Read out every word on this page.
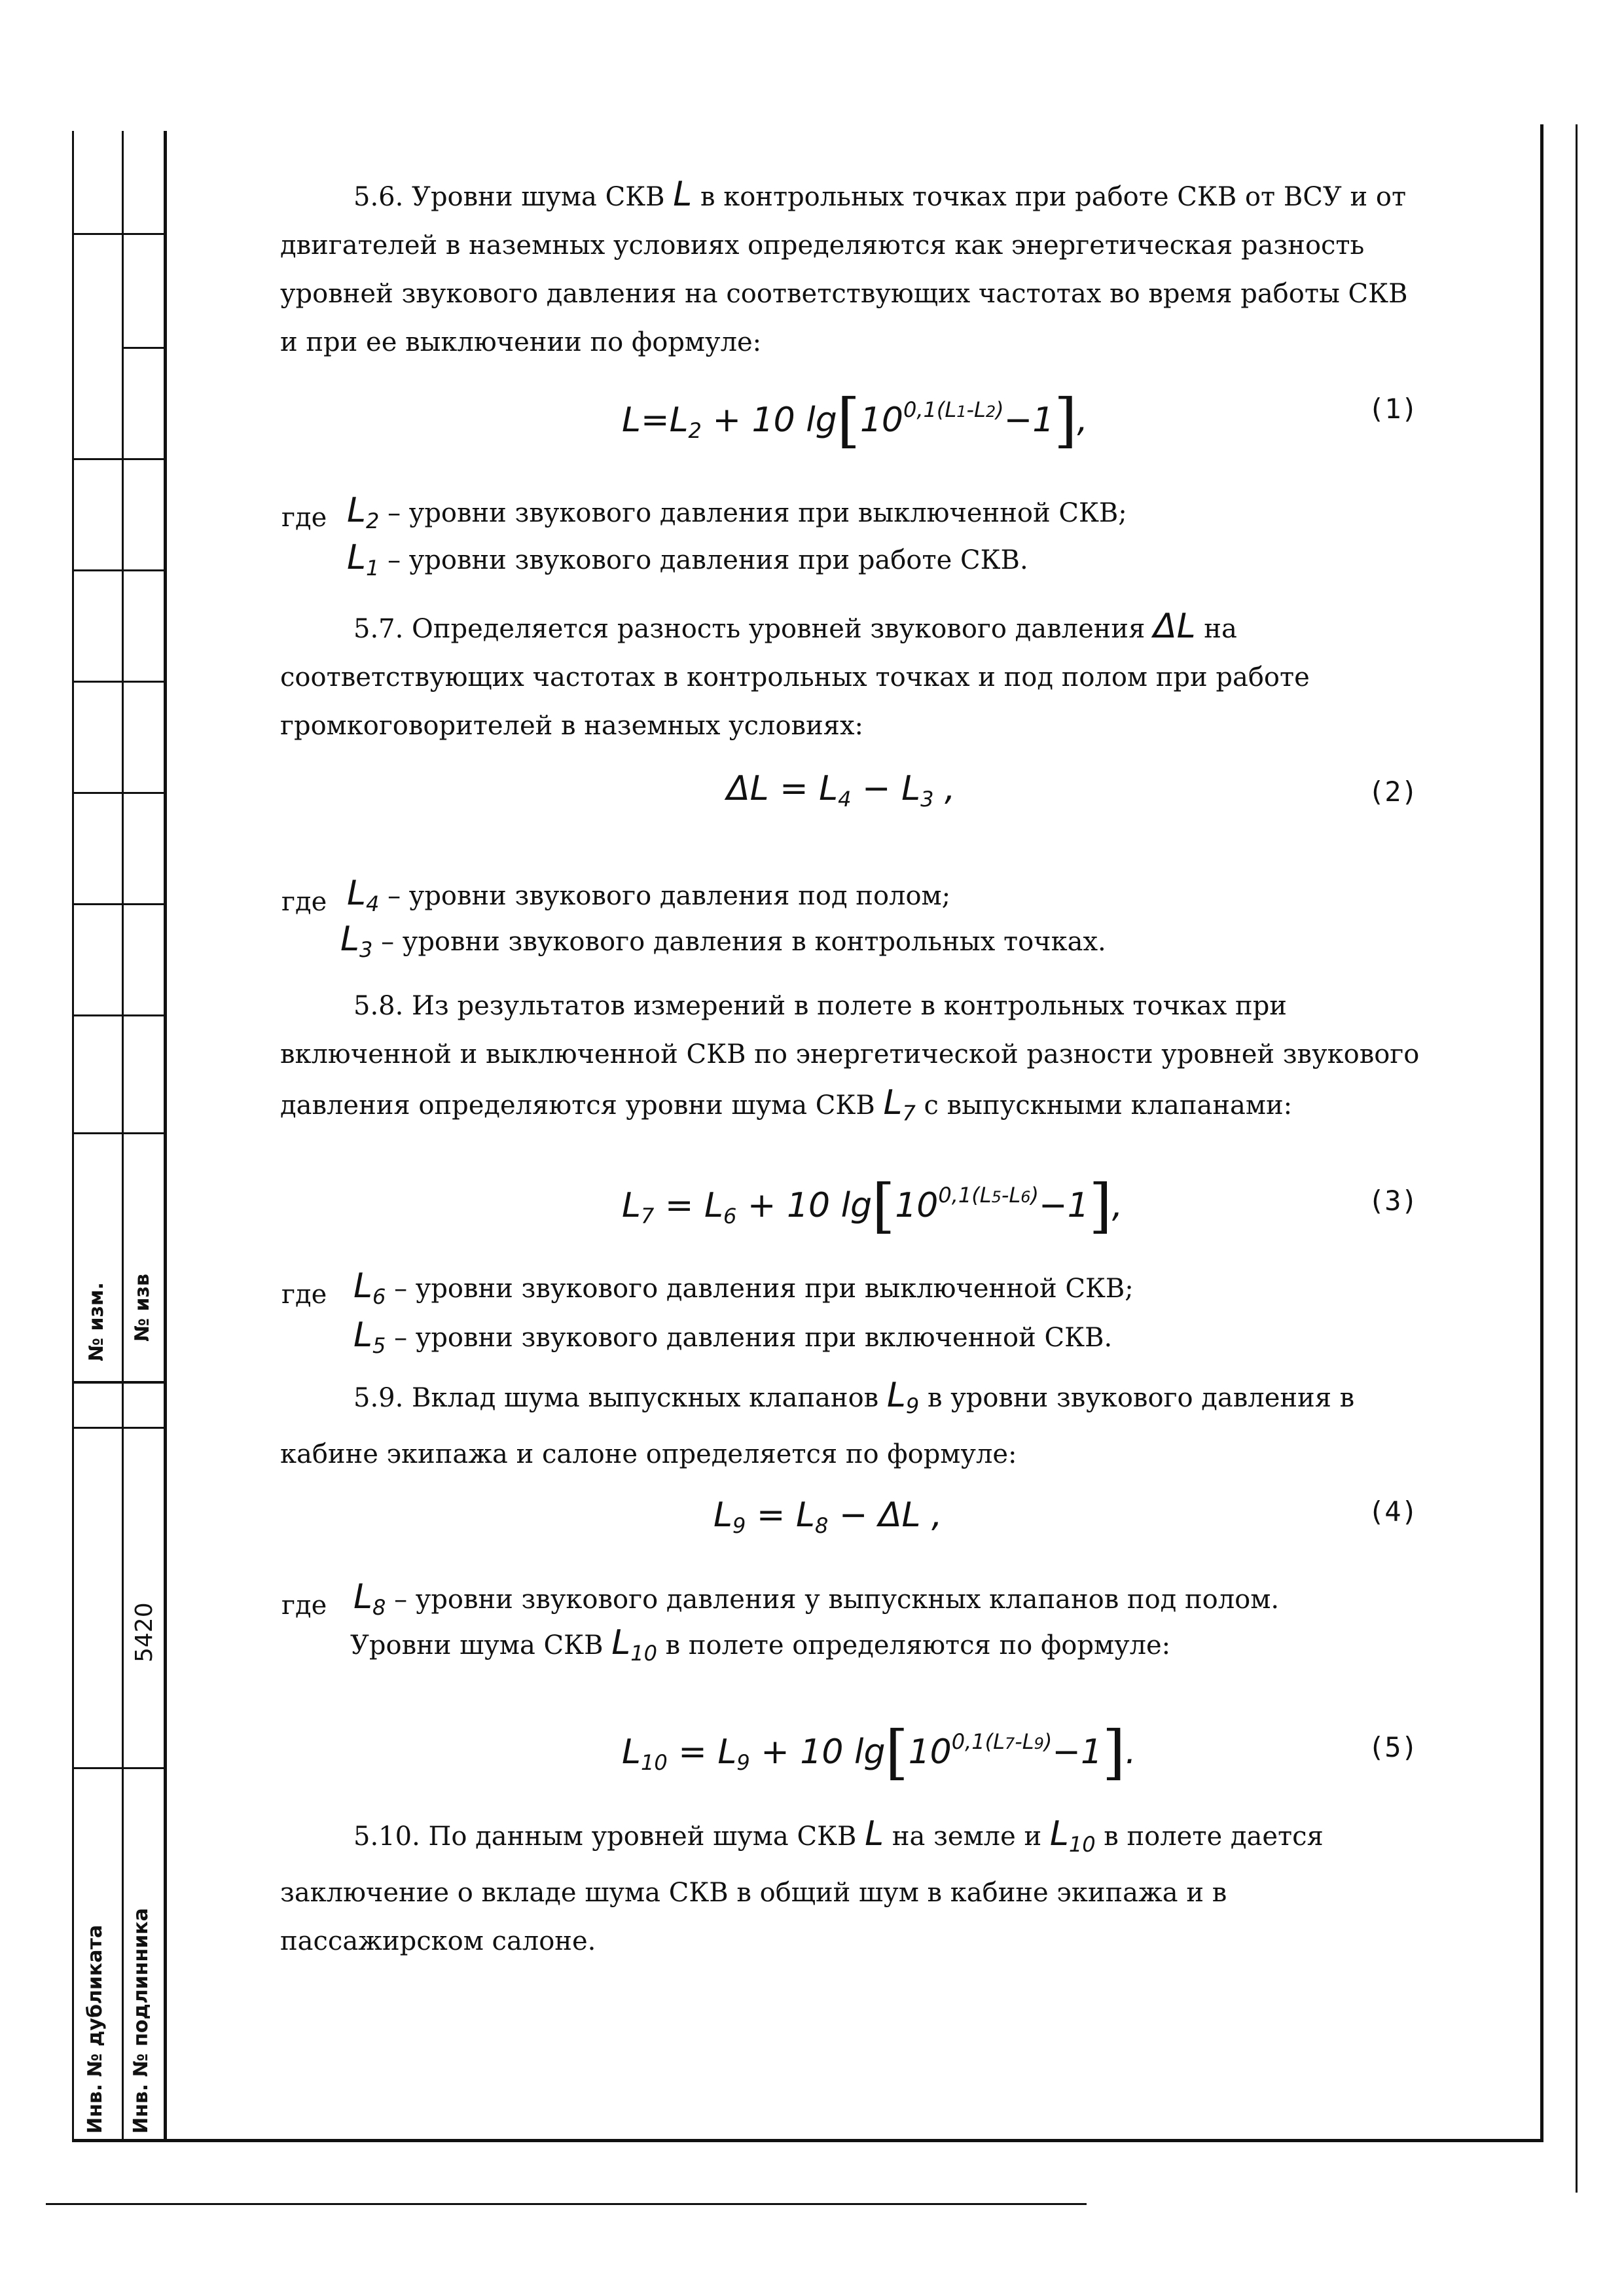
№ изм. № изв
Инв. № дубликата Инв. № подлинника
5420
5.6. Уровни шума СКВ L в контрольных точках при работе СКВ от ВСУ и от двигателей в наземных условиях определяются как энергетическая разность уровней звукового давления на соответствующих частотах во время работы СКВ и при ее выключении по формуле:
$L=L_2 + 10$ $\lg[10^{0,1(L1-L2)}-1]$,	(1)
где $L_2$ – уровни звукового давления при выключенной СКВ;
$L_1$ – уровни звукового давления при работе СКВ.
5.7. Определяется разность уровней звукового давления ΔL на соответствующих частотах в контрольных точках и под полом при работе громкоговорителей в наземных условиях:
$\Delta L = L_4 - L_3$ ,	(2)
где $L_4$ – уровни звукового давления под полом;
$L_3$ – уровни звукового давления в контрольных точках.
5.8. Из результатов измерений в полете в контрольных точках при включенной и выключенной СКВ по энергетической разности уровней звукового давления определяются уровни шума СКВ $L_7$ с выпускными клапанами:
$L_7 = L_6 + 10$ $\lg[10^{0,1(L5-L6)}-1]$,	(3)
где $L_6$ – уровни звукового давления при выключенной СКВ;
$L_5$ – уровни звукового давления при включенной СКВ.
5.9. Вклад шума выпускных клапанов $L_9$ в уровни звукового давления в кабине экипажа и салоне определяется по формуле:
$L_9 = L_8 - \Delta L$ ,	(4)
где $L_8$ – уровни звукового давления у выпускных клапанов под полом.
Уровни шума СКВ $L_{10}$ в полете определяются по формуле:
$L_{10} = L_9 + 10$ $\lg[10^{0,1(L7-L9)}-1]$.	(5)
5.10. По данным уровней шума СКВ L на земле и $L_{10}$ в полете дается заключение о вкладе шума СКВ в общий шум в кабине экипажа и в пассажирском салоне.
